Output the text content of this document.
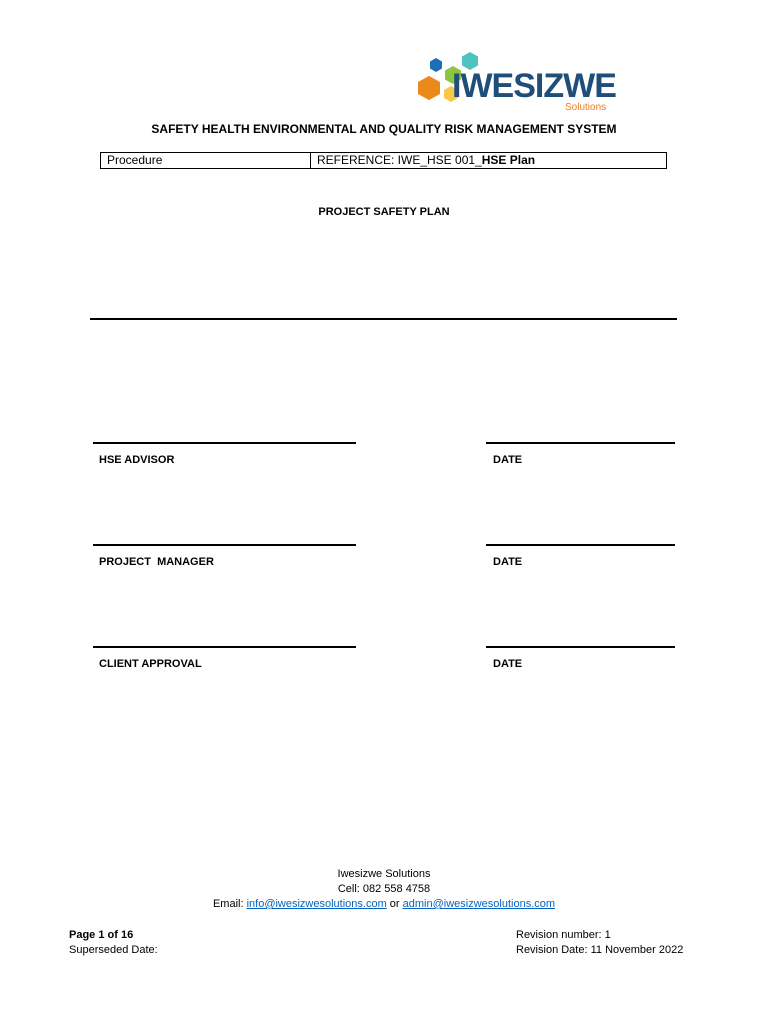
IWESIZWE
Solutions
SAFETY HEALTH ENVIRONMENTAL AND QUALITY RISK MANAGEMENT SYSTEM
Procedure	REFERENCE: IWE_HSE 001_HSE Plan
PROJECT SAFETY PLAN
HSE ADVISOR	DATE
PROJECT  MANAGER	DATE
CLIENT APPROVAL	DATE
Iwesizwe Solutions
Cell: 082 558 4758
Email: info@iwesizwesolutions.com or admin@iwesizwesolutions.com
Page 1 of 16
Superseded Date:
Revision number: 1
Revision Date: 11 November 2022
